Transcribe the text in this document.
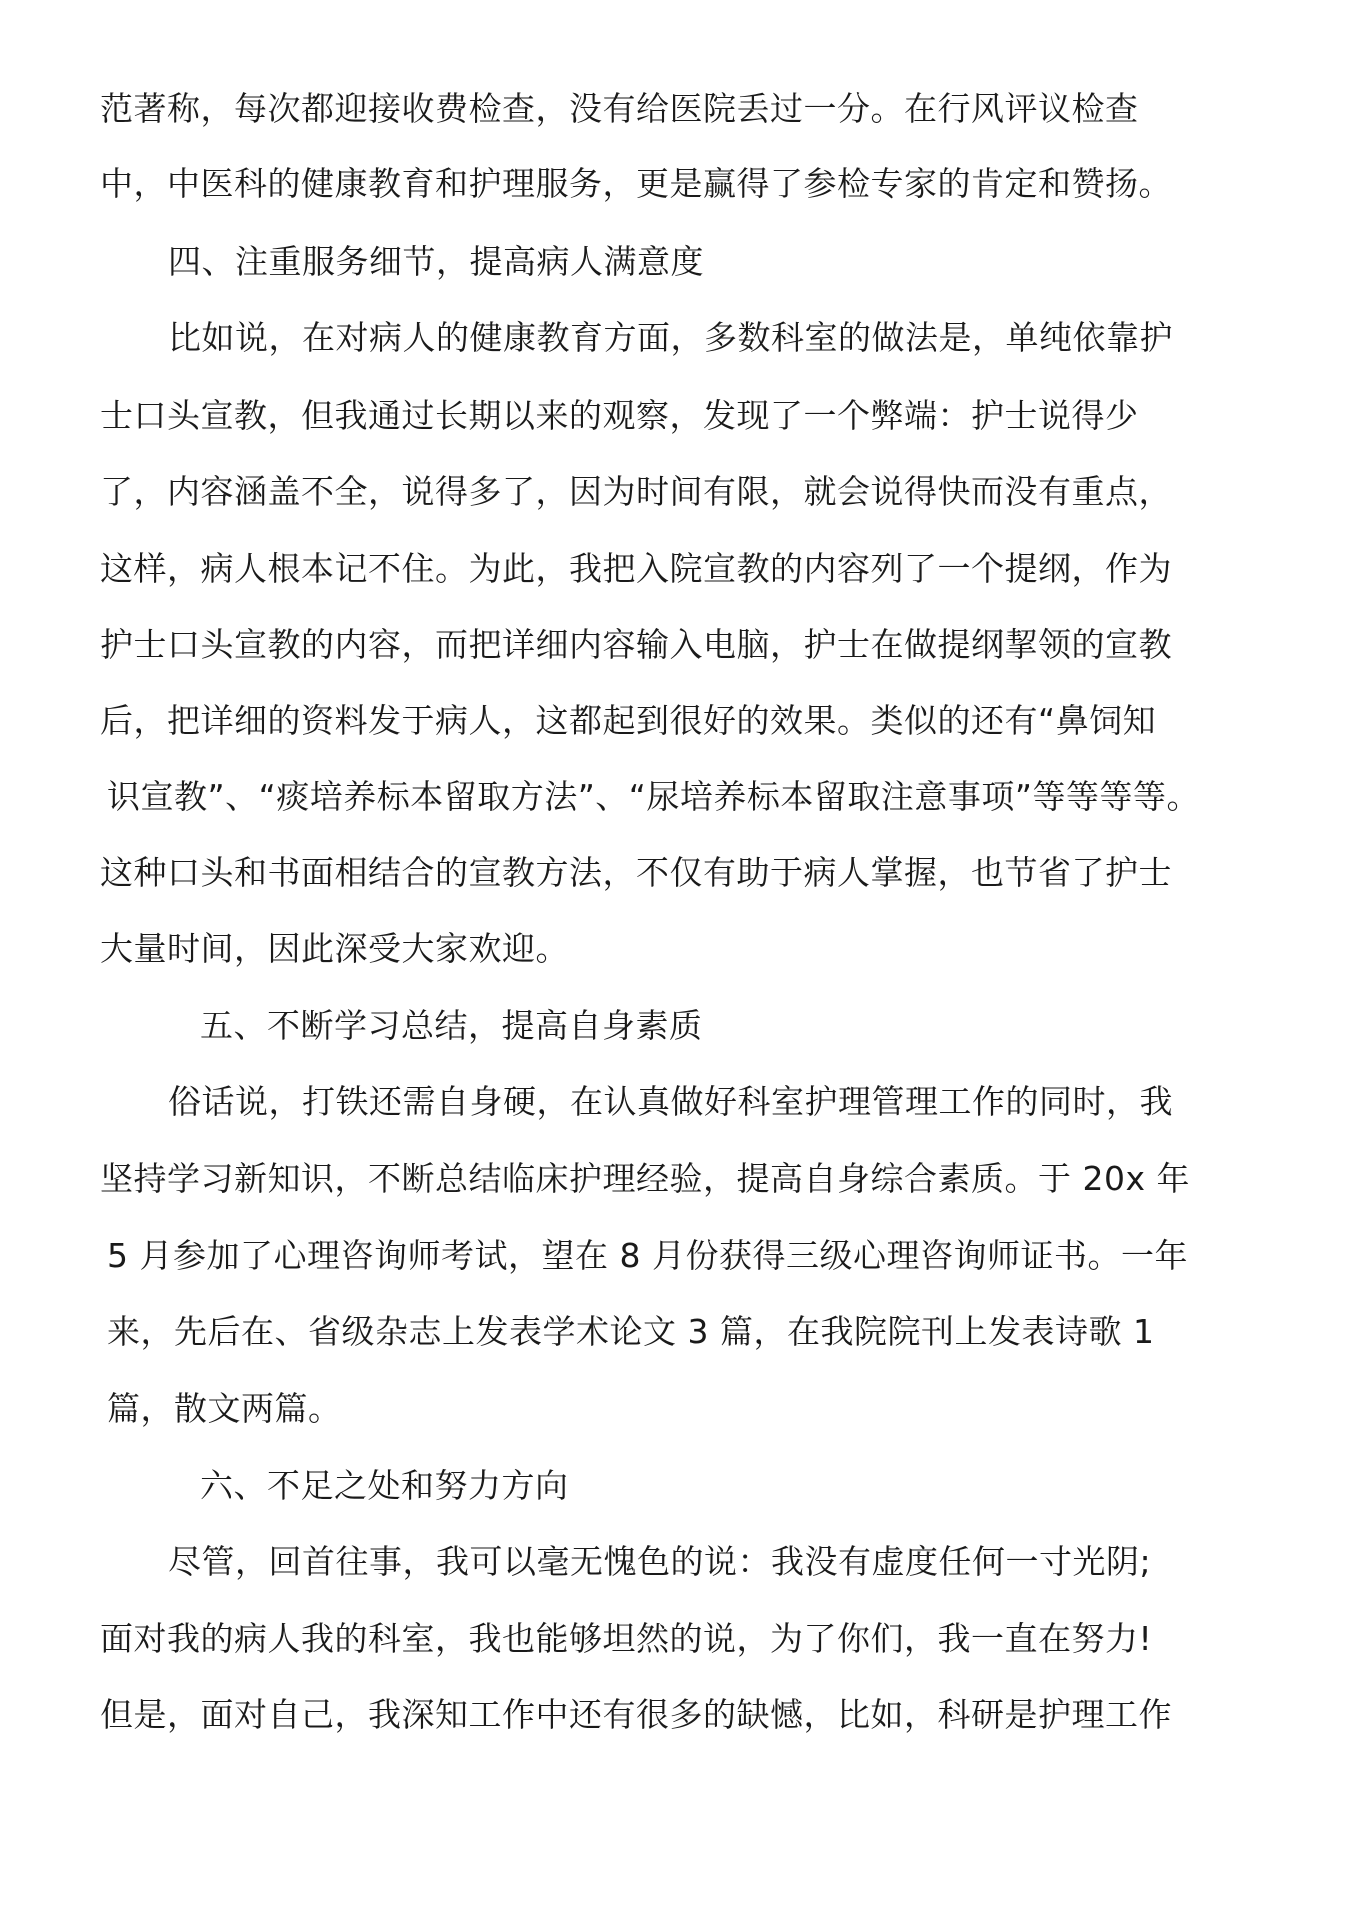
范著称，每次都迎接收费检查，没有给医院丢过一分。在行风评议检查
中，中医科的健康教育和护理服务，更是赢得了参检专家的肯定和赞扬。
四、注重服务细节，提高病人满意度
比如说，在对病人的健康教育方面，多数科室的做法是，单纯依靠护
士口头宣教，但我通过长期以来的观察，发现了一个弊端：护士说得少
了，内容涵盖不全，说得多了，因为时间有限，就会说得快而没有重点，
这样，病人根本记不住。为此，我把入院宣教的内容列了一个提纲，作为
护士口头宣教的内容，而把详细内容输入电脑，护士在做提纲挈领的宣教
后，把详细的资料发于病人，这都起到很好的效果。类似的还有“鼻饲知
识宣教”、“痰培养标本留取方法”、“尿培养标本留取注意事项”等等等等。
这种口头和书面相结合的宣教方法，不仅有助于病人掌握，也节省了护士
大量时间，因此深受大家欢迎。
五、不断学习总结，提高自身素质
俗话说，打铁还需自身硬，在认真做好科室护理管理工作的同时，我
坚持学习新知识，不断总结临床护理经验，提高自身综合素质。于 20x 年
5 月参加了心理咨询师考试，望在 8 月份获得三级心理咨询师证书。一年
来，先后在、省级杂志上发表学术论文 3 篇，在我院院刊上发表诗歌 1
篇，散文两篇。
六、不足之处和努力方向
尽管，回首往事，我可以毫无愧色的说：我没有虚度任何一寸光阴;
面对我的病人我的科室，我也能够坦然的说，为了你们，我一直在努力!
但是，面对自己，我深知工作中还有很多的缺憾，比如，科研是护理工作
